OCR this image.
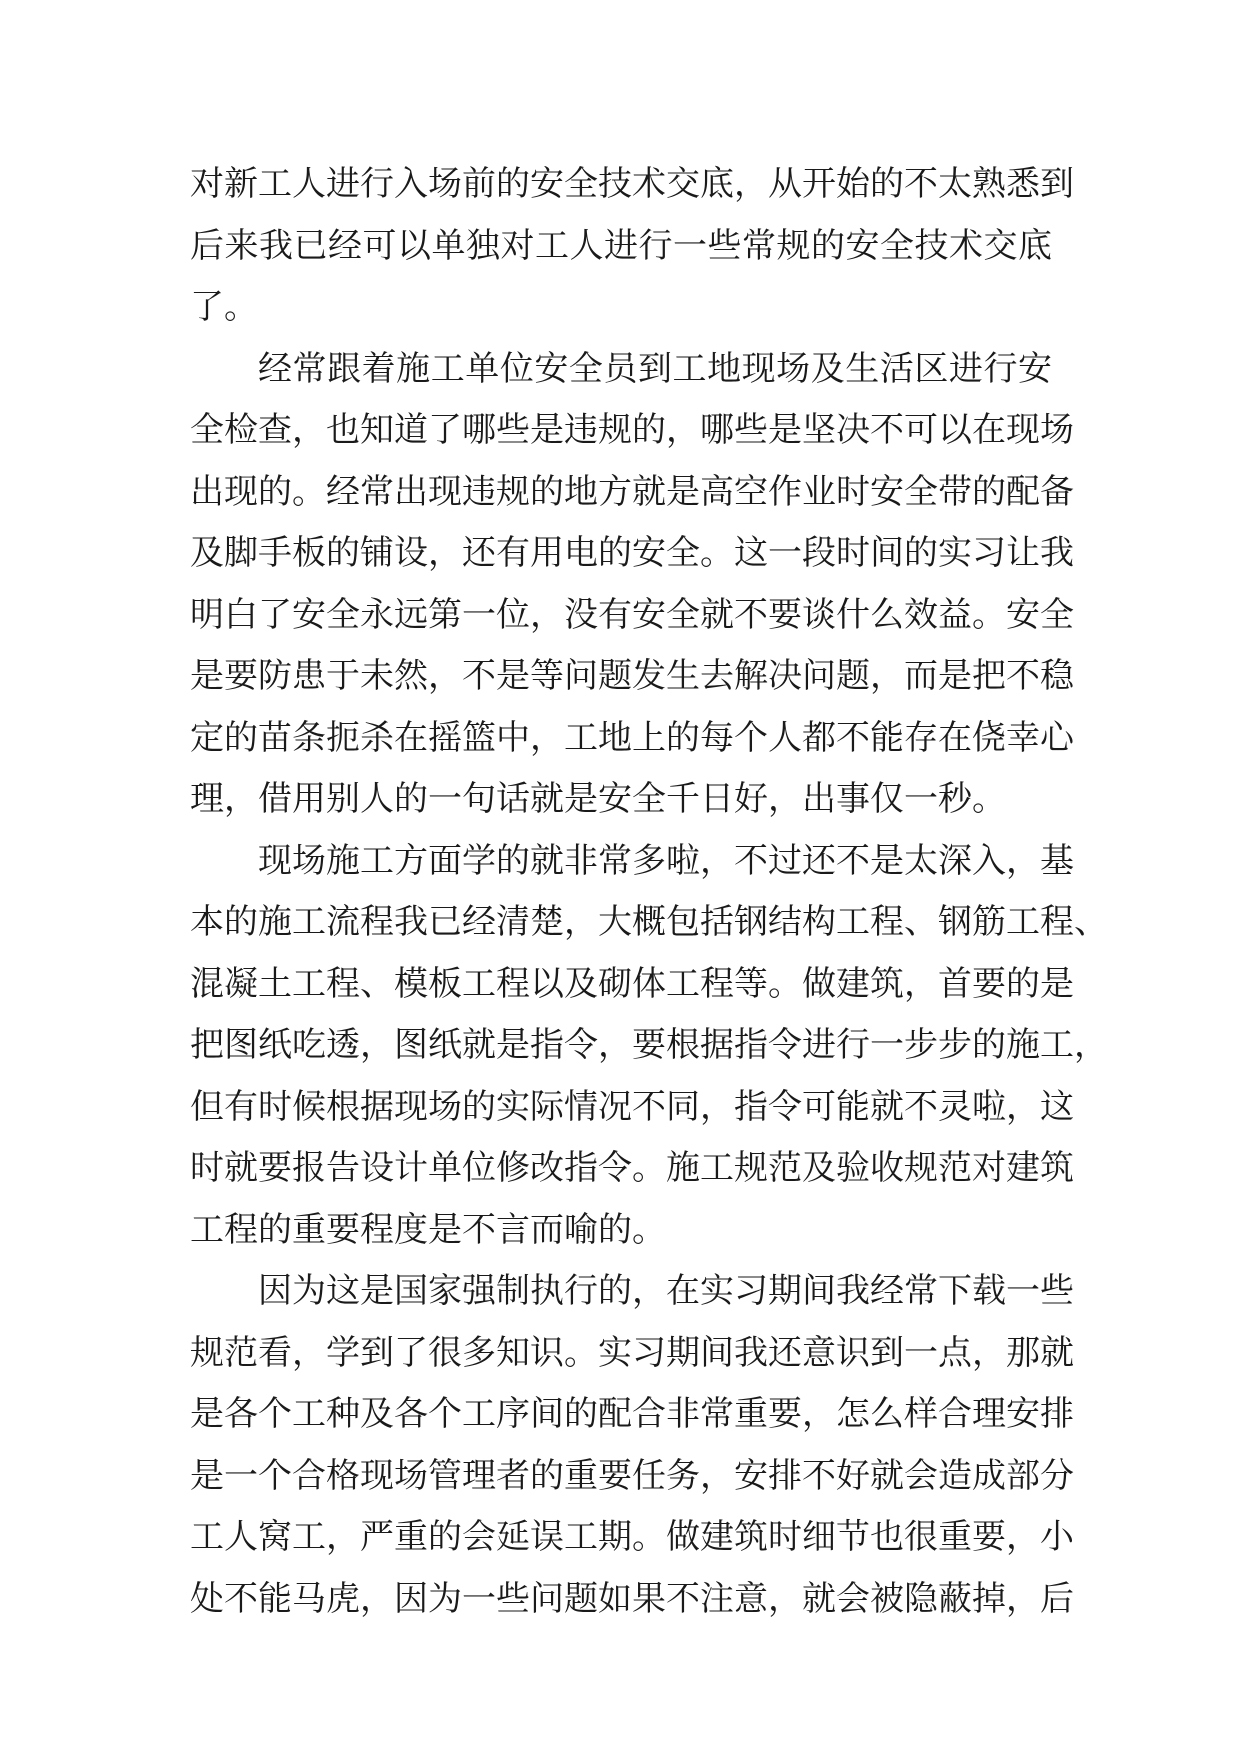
对新工人进行入场前的安全技术交底，从开始的不太熟悉到
后来我已经可以单独对工人进行一些常规的安全技术交底
了。
经常跟着施工单位安全员到工地现场及生活区进行安
全检查，也知道了哪些是违规的，哪些是坚决不可以在现场
出现的。经常出现违规的地方就是高空作业时安全带的配备
及脚手板的铺设，还有用电的安全。这一段时间的实习让我
明白了安全永远第一位，没有安全就不要谈什么效益。安全
是要防患于未然，不是等问题发生去解决问题，而是把不稳
定的苗条扼杀在摇篮中，工地上的每个人都不能存在侥幸心
理，借用别人的一句话就是安全千日好，出事仅一秒。
现场施工方面学的就非常多啦，不过还不是太深入，基
本的施工流程我已经清楚，大概包括钢结构工程、钢筋工程、
混凝土工程、模板工程以及砌体工程等。做建筑，首要的是
把图纸吃透，图纸就是指令，要根据指令进行一步步的施工，
但有时候根据现场的实际情况不同，指令可能就不灵啦，这
时就要报告设计单位修改指令。施工规范及验收规范对建筑
工程的重要程度是不言而喻的。
因为这是国家强制执行的，在实习期间我经常下载一些
规范看，学到了很多知识。实习期间我还意识到一点，那就
是各个工种及各个工序间的配合非常重要，怎么样合理安排
是一个合格现场管理者的重要任务，安排不好就会造成部分
工人窝工，严重的会延误工期。做建筑时细节也很重要，小
处不能马虎，因为一些问题如果不注意，就会被隐蔽掉，后
